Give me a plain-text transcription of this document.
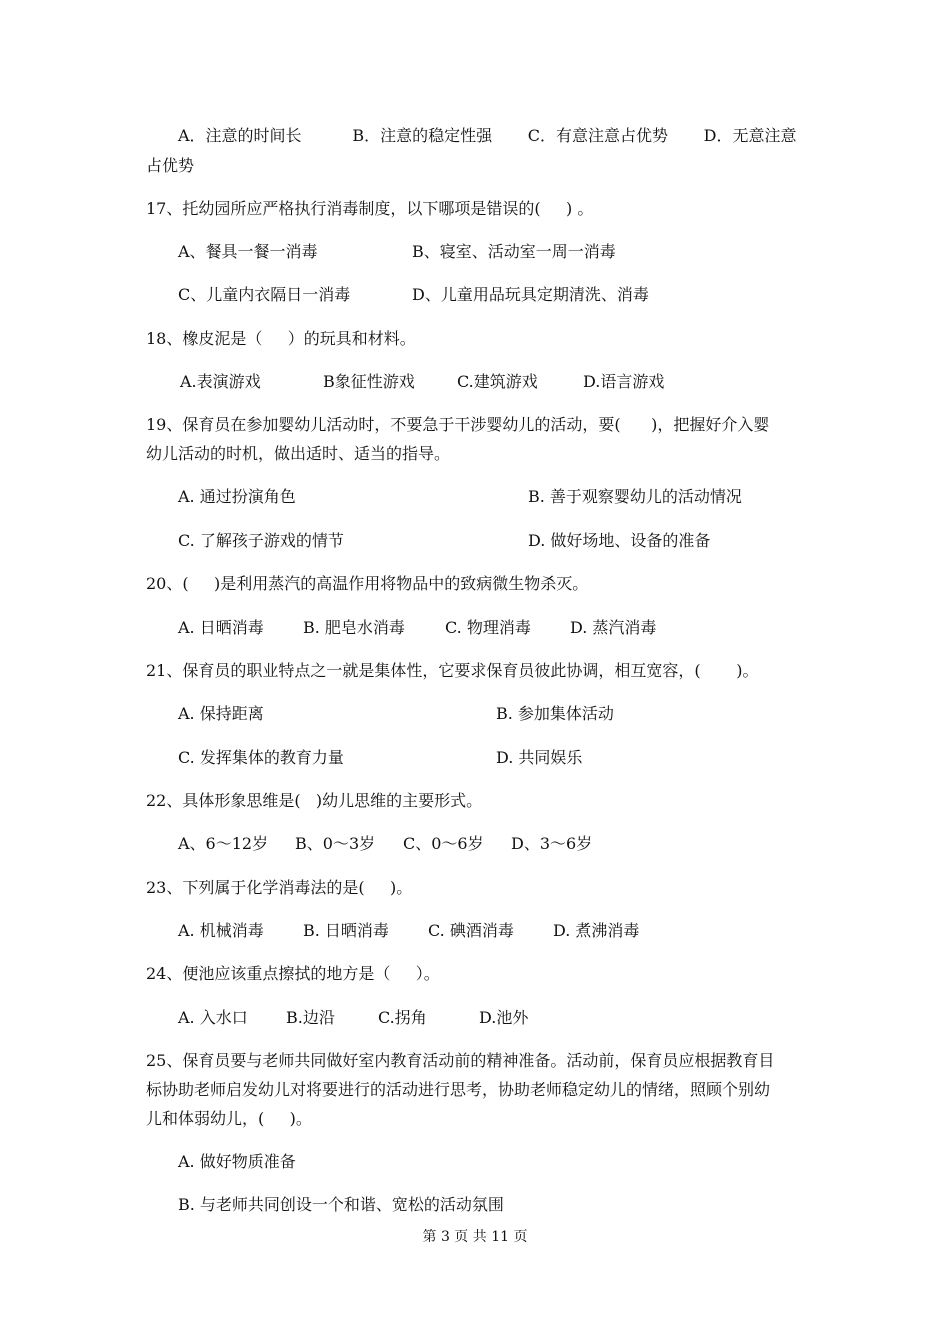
A．注意的时间长          B．注意的稳定性强       C．有意注意占优势       D．无意注意
占优势
17、托幼园所应严格执行消毒制度，以下哪项是错误的(     ) 。
A、餐具一餐一消毒	B、寝室、活动室一周一消毒
C、儿童内衣隔日一消毒	D、儿童用品玩具定期清洗、消毒
18、橡皮泥是（     ）的玩具和材料。
A.表演游戏	B象征性游戏	C.建筑游戏	D.语言游戏
19、保育员在参加婴幼儿活动时，不要急于干涉婴幼儿的活动，要(      )，把握好介入婴
幼儿活动的时机，做出适时、适当的指导。
A. 通过扮演角色	B. 善于观察婴幼儿的活动情况
C. 了解孩子游戏的情节	D. 做好场地、设备的准备
20、(     )是利用蒸汽的高温作用将物品中的致病微生物杀灭。
A. 日晒消毒 B. 肥皂水消毒	C. 物理消毒 D. 蒸汽消毒
21、保育员的职业特点之一就是集体性，它要求保育员彼此协调，相互宽容，(       )。
A. 保持距离	B. 参加集体活动
C. 发挥集体的教育力量	D. 共同娱乐
22、具体形象思维是(   )幼儿思维的主要形式。
A、6～12岁 B、0～3岁 C、0～6岁 D、3～6岁
23、下列属于化学消毒法的是(     )。
A. 机械消毒 B. 日晒消毒 C. 碘酒消毒 D. 煮沸消毒
24、便池应该重点擦拭的地方是（     ）。
A. 入水口 B.边沿	C.拐角	D.池外
25、保育员要与老师共同做好室内教育活动前的精神准备。活动前，保育员应根据教育目
标协助老师启发幼儿对将要进行的活动进行思考，协助老师稳定幼儿的情绪，照顾个别幼
儿和体弱幼儿，(     )。
A. 做好物质准备
B. 与老师共同创设一个和谐、宽松的活动氛围
第 3 页 共 11 页
